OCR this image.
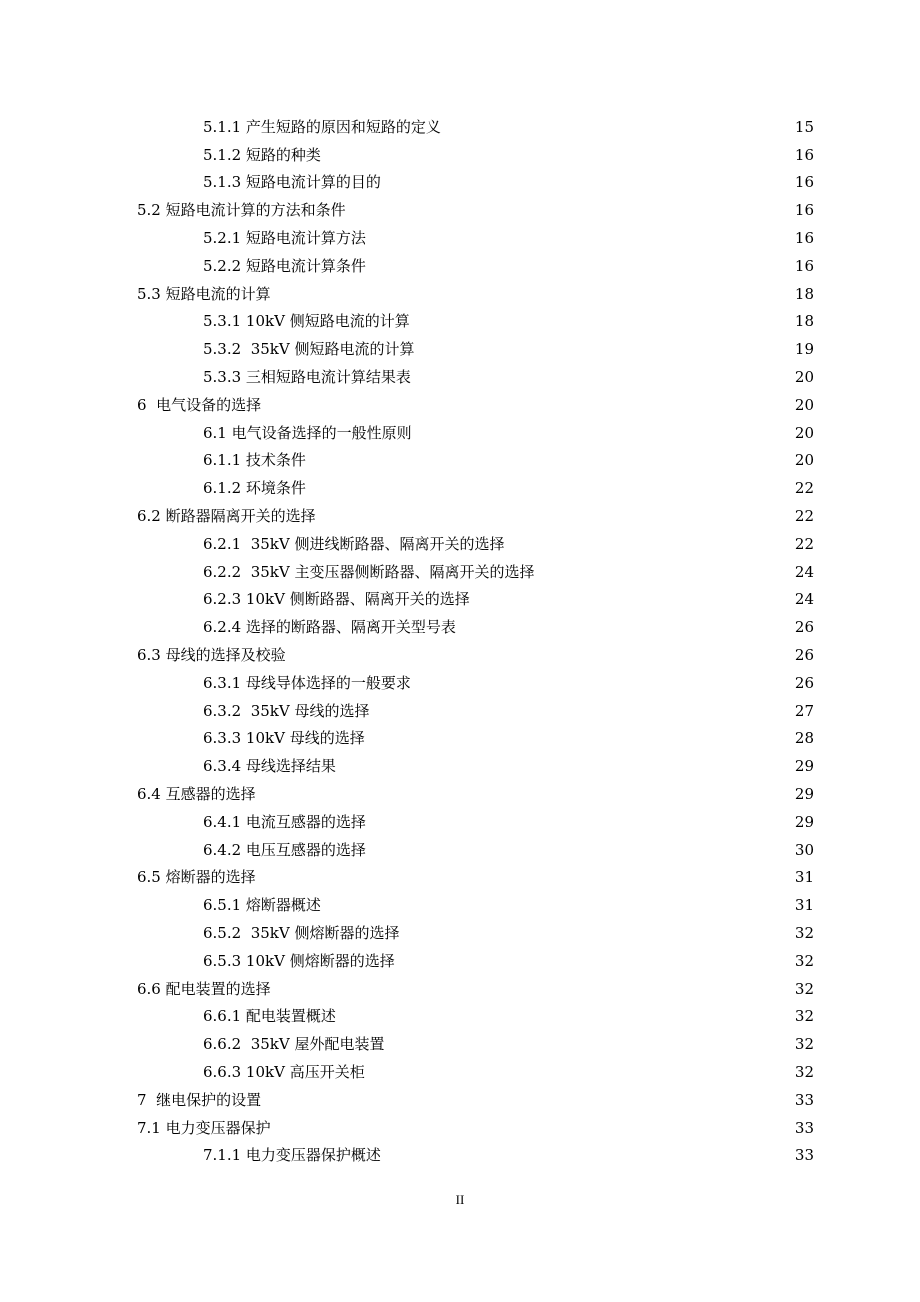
5.1.1 产生短路的原因和短路的定义	15
5.1.2 短路的种类	16
5.1.3 短路电流计算的目的	16
5.2 短路电流计算的方法和条件	16
5.2.1 短路电流计算方法	16
5.2.2 短路电流计算条件	16
5.3 短路电流的计算	18
5.3.1 10kV 侧短路电流的计算	18
5.3.2  35kV 侧短路电流的计算	19
5.3.3 三相短路电流计算结果表	20
6  电气设备的选择	20
6.1 电气设备选择的一般性原则	20
6.1.1 技术条件	20
6.1.2 环境条件	22
6.2 断路器隔离开关的选择	22
6.2.1  35kV 侧进线断路器、隔离开关的选择	22
6.2.2  35kV 主变压器侧断路器、隔离开关的选择	24
6.2.3 10kV 侧断路器、隔离开关的选择	24
6.2.4 选择的断路器、隔离开关型号表	26
6.3 母线的选择及校验	26
6.3.1 母线导体选择的一般要求	26
6.3.2  35kV 母线的选择	27
6.3.3 10kV 母线的选择	28
6.3.4 母线选择结果	29
6.4 互感器的选择	29
6.4.1 电流互感器的选择	29
6.4.2 电压互感器的选择	30
6.5 熔断器的选择	31
6.5.1 熔断器概述	31
6.5.2  35kV 侧熔断器的选择	32
6.5.3 10kV 侧熔断器的选择	32
6.6 配电装置的选择	32
6.6.1 配电装置概述	32
6.6.2  35kV 屋外配电装置	32
6.6.3 10kV 高压开关柜	32
7  继电保护的设置	33
7.1 电力变压器保护	33
7.1.1 电力变压器保护概述	33
II
